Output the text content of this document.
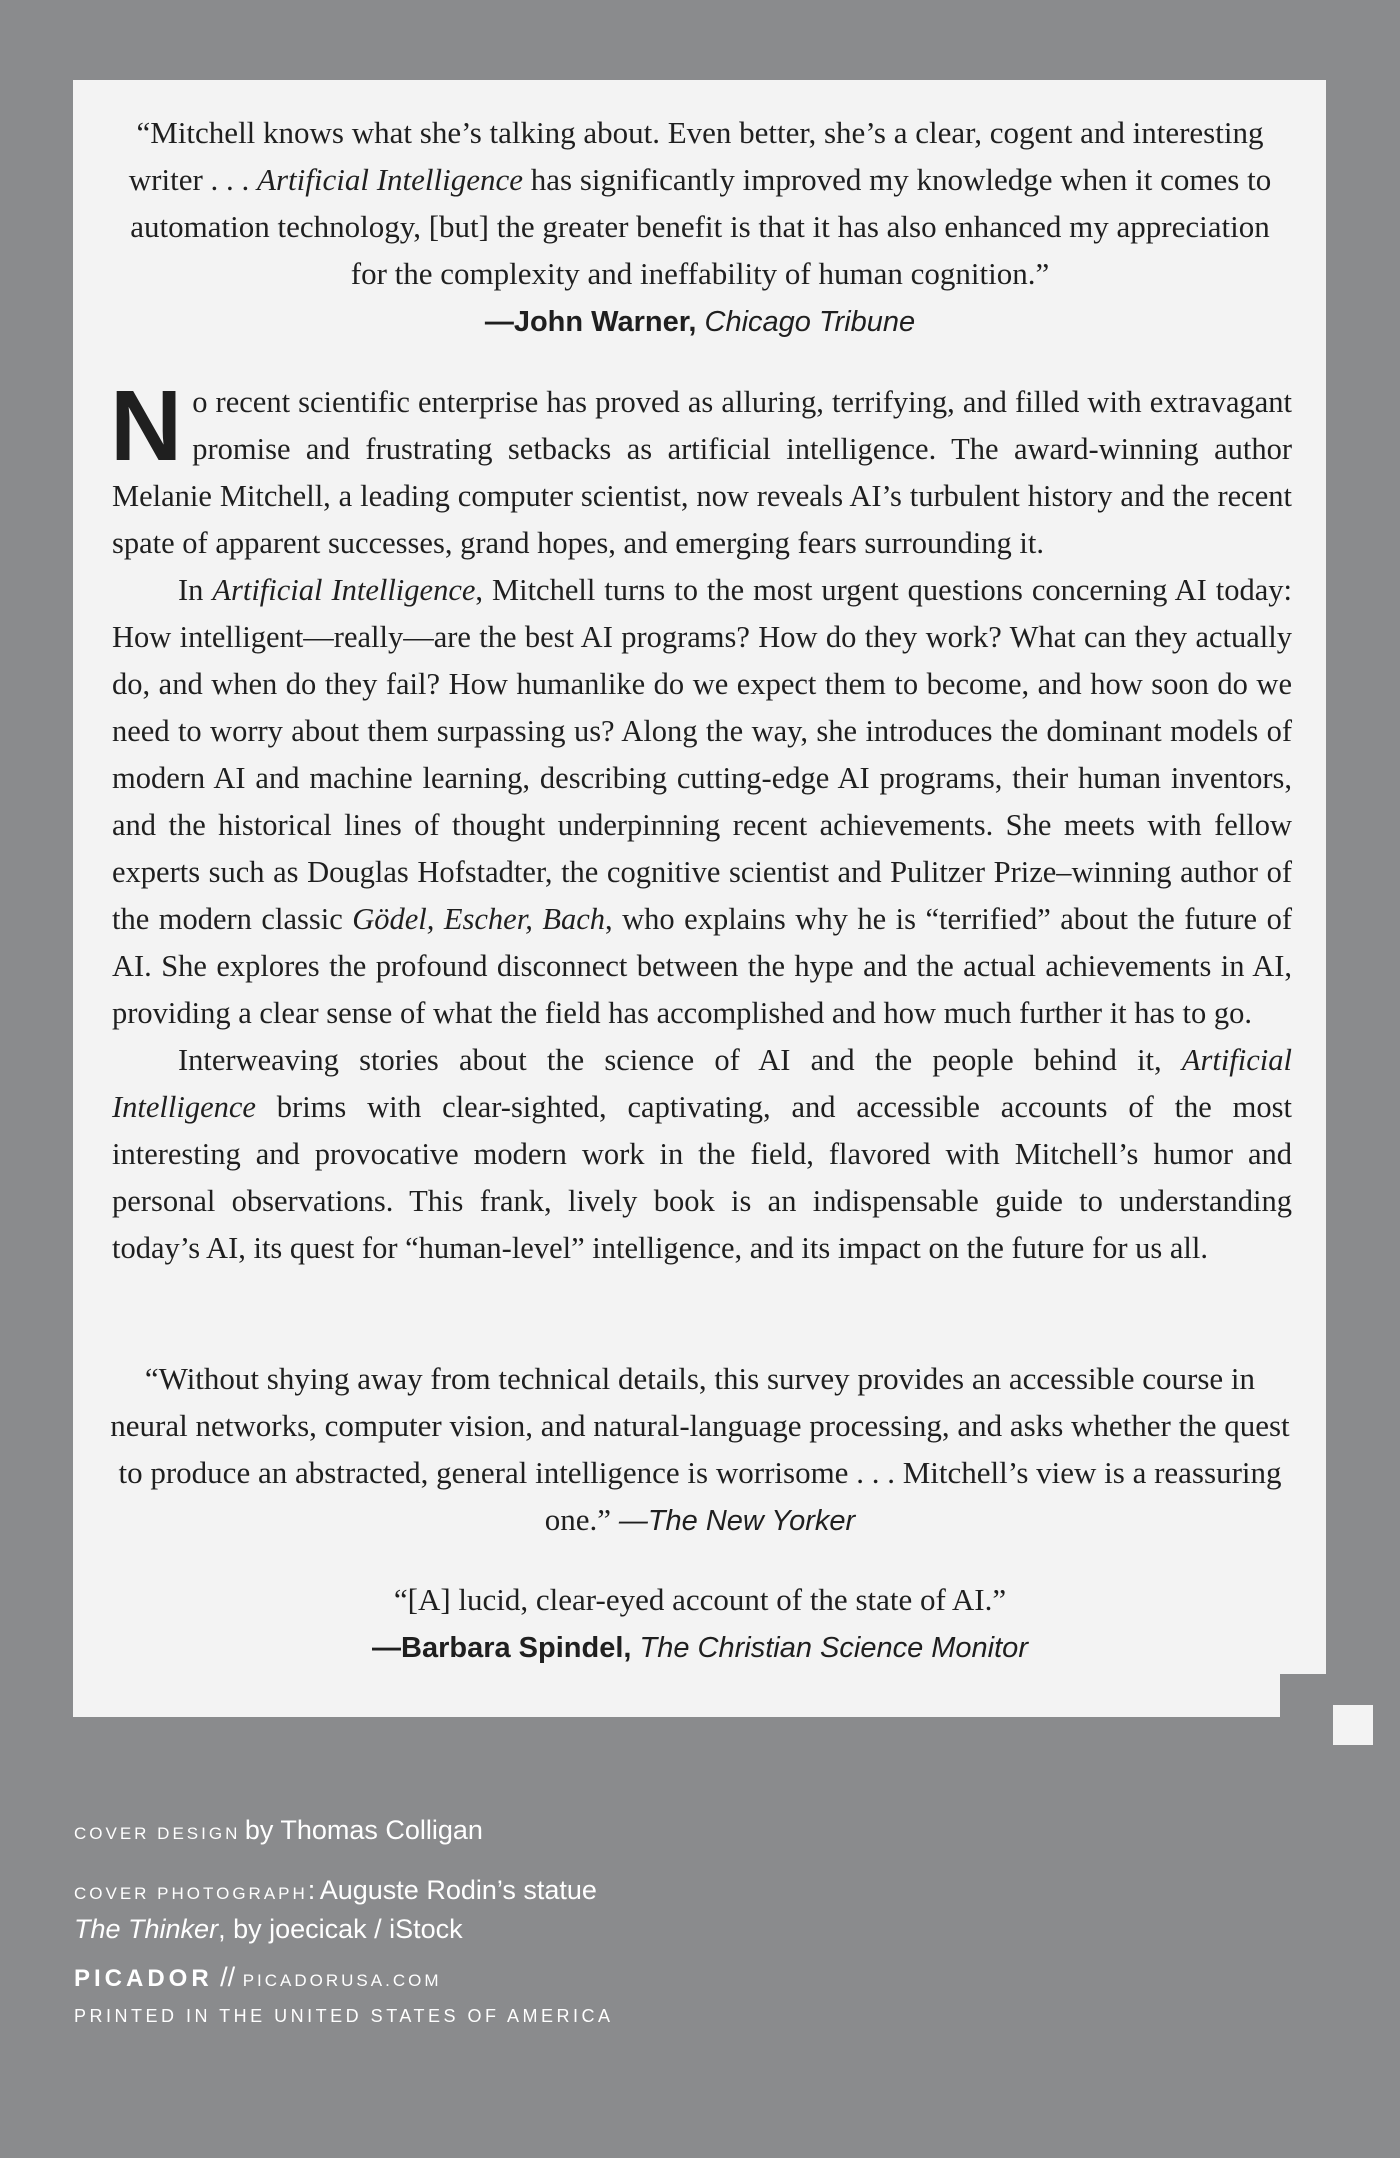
“Mitchell knows what she’s talking about. Even better, she’s a clear, cogent and interesting writer . . . Artificial Intelligence has significantly improved my knowledge when it comes to automation technology, [but] the greater benefit is that it has also enhanced my appreciation for the complexity and ineffability of human cognition.”
—John Warner, Chicago Tribune

No recent scientific enterprise has proved as alluring, terrifying, and filled with extravagant promise and frustrating setbacks as artificial intelligence. The award-winning author Melanie Mitchell, a leading computer scientist, now reveals AI’s turbulent history and the recent spate of apparent successes, grand hopes, and emerging fears surrounding it.

In Artificial Intelligence, Mitchell turns to the most urgent questions concerning AI today: How intelligent—really—are the best AI programs? How do they work? What can they actually do, and when do they fail? How humanlike do we expect them to become, and how soon do we need to worry about them surpassing us? Along the way, she introduces the dominant models of modern AI and machine learning, describing cutting-edge AI programs, their human inventors, and the historical lines of thought underpinning recent achievements. She meets with fellow experts such as Douglas Hofstadter, the cognitive scientist and Pulitzer Prize–winning author of the modern classic Gödel, Escher, Bach, who explains why he is “terrified” about the future of AI. She explores the profound disconnect between the hype and the actual achievements in AI, providing a clear sense of what the field has accomplished and how much further it has to go.

Interweaving stories about the science of AI and the people behind it, Artificial Intelligence brims with clear-sighted, captivating, and accessible accounts of the most interesting and provocative modern work in the field, flavored with Mitchell’s humor and personal observations. This frank, lively book is an indispensable guide to understanding today’s AI, its quest for “human-level” intelligence, and its impact on the future for us all.

“Without shying away from technical details, this survey provides an accessible course in neural networks, computer vision, and natural-language processing, and asks whether the quest to produce an abstracted, general intelligence is worrisome . . . Mitchell’s view is a reassuring one.” —The New Yorker
“[A] lucid, clear-eyed account of the state of AI.”
—Barbara Spindel, The Christian Science Monitor

COVER DESIGN by Thomas Colligan

COVER PHOTOGRAPH: Auguste Rodin’s statue

The Thinker, by joecicak / iStock

PICADOR // PICADORUSA.COM

PRINTED IN THE UNITED STATES OF AMERICA
